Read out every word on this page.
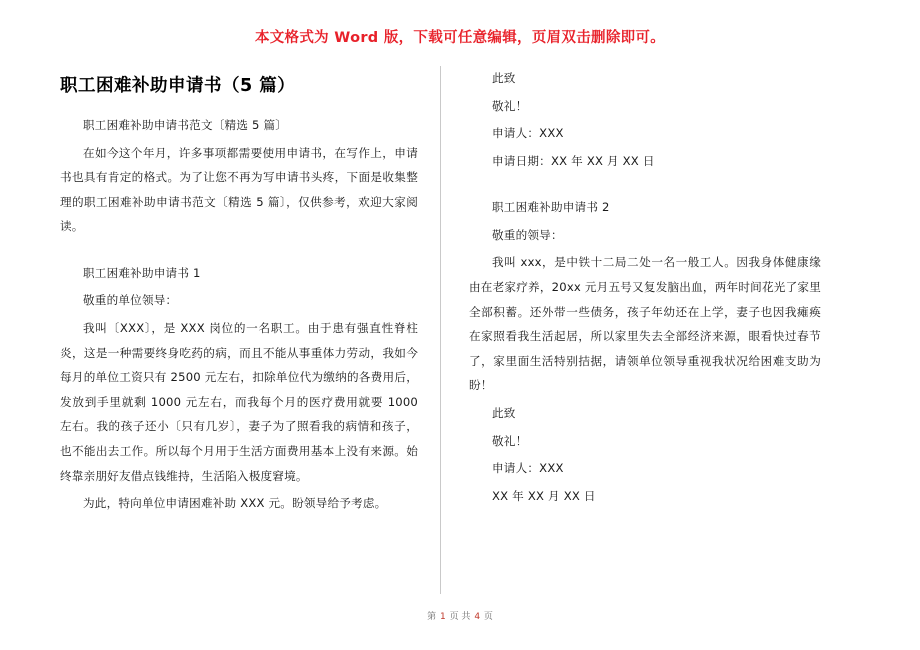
本文格式为 Word 版，下载可任意编辑，页眉双击删除即可。
职工困难补助申请书（5 篇）

职工困难补助申请书范文〔精选 5 篇〕

在如今这个年月，许多事项都需要使用申请书，在写作上，申请书也具有肯定的格式。为了让您不再为写申请书头疼，下面是收集整理的职工困难补助申请书范文〔精选 5 篇〕，仅供参考，欢迎大家阅读。

职工困难补助申请书 1

敬重的单位领导：

我叫〔XXX〕，是 XXX 岗位的一名职工。由于患有强直性脊柱炎，这是一种需要终身吃药的病，而且不能从事重体力劳动，我如今每月的单位工资只有 2500 元左右，扣除单位代为缴纳的各费用后，发放到手里就剩 1000 元左右，而我每个月的医疗费用就要 1000 左右。我的孩子还小〔只有几岁〕，妻子为了照看我的病情和孩子，也不能出去工作。所以每个月用于生活方面费用基本上没有来源。始终靠亲朋好友借点钱维持，生活陷入极度窘境。

为此，特向单位申请困难补助 XXX 元。盼领导给予考虑。

此致

敬礼！

申请人：XXX

申请日期：XX 年 XX 月 XX 日

职工困难补助申请书 2

敬重的领导：

我叫 xxx，是中铁十二局二处一名一般工人。因我身体健康缘由在老家疗养，20xx 元月五号又复发脑出血，两年时间花光了家里全部积蓄。还外带一些债务，孩子年幼还在上学，妻子也因我瘫痪在家照看我生活起居，所以家里失去全部经济来源，眼看快过春节了，家里面生活特别拮据，请领单位领导重视我状况给困难支助为盼！

此致

敬礼！

申请人：XXX

XX 年 XX 月 XX 日

第 1 页 共 4 页
